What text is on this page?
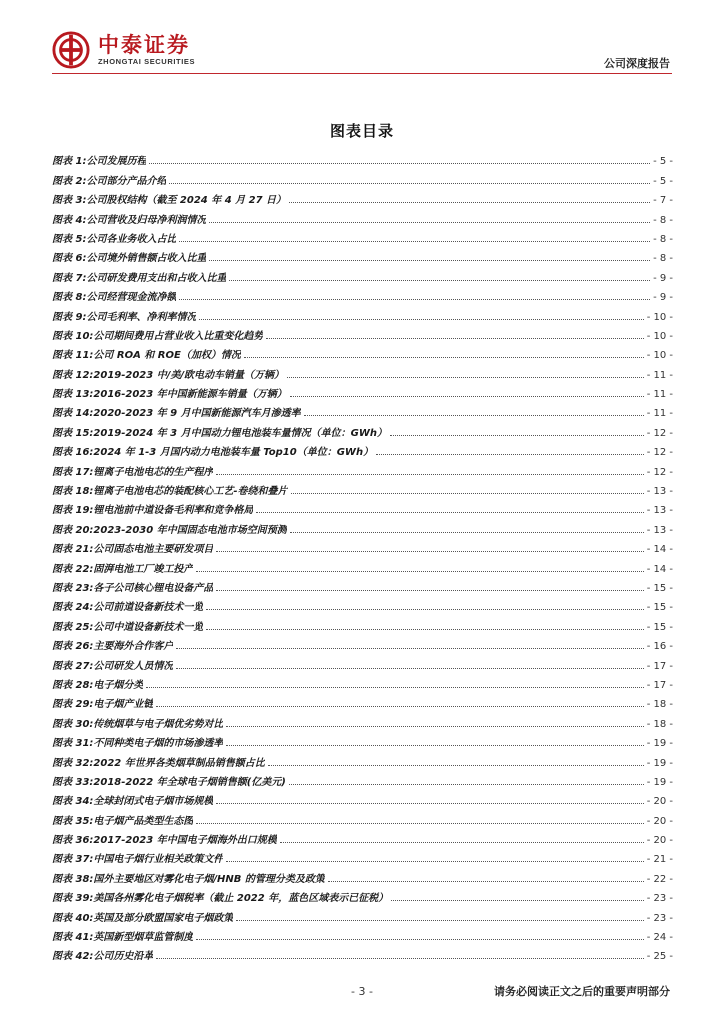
中泰证券
ZHONGTAI SECURITIES	公司深度报告
图表目录
图表 1: 公司发展历程	- 5 -
图表 2: 公司部分产品介绍	- 5 -
图表 3: 公司股权结构（截至 2024 年 4 月 27 日）	- 7 -
图表 4: 公司营收及归母净利润情况	- 8 -
图表 5: 公司各业务收入占比	- 8 -
图表 6: 公司境外销售额占收入比重	- 8 -
图表 7: 公司研发费用支出和占收入比重	- 9 -
图表 8: 公司经营现金流净额	- 9 -
图表 9: 公司毛利率、净利率情况	- 10 -
图表 10: 公司期间费用占营业收入比重变化趋势	- 10 -
图表 11: 公司 ROA 和 ROE（加权）情况	- 10 -
图表 12: 2019-2023 中/美/欧电动车销量（万辆）	- 11 -
图表 13: 2016-2023 年中国新能源车销量（万辆）	- 11 -
图表 14: 2020-2023 年 9 月中国新能源汽车月渗透率	- 11 -
图表 15: 2019-2024 年 3 月中国动力锂电池装车量情况（单位：GWh）	- 12 -
图表 16: 2024 年 1-3 月国内动力电池装车量 Top10（单位：GWh）	- 12 -
图表 17: 锂离子电池电芯的生产程序	- 12 -
图表 18: 锂离子电池电芯的装配核心工艺-卷绕和叠片	- 13 -
图表 19: 锂电池前中道设备毛利率和竞争格局	- 13 -
图表 20: 2023-2030 年中国固态电池市场空间预测	- 13 -
图表 21: 公司固态电池主要研发项目	- 14 -
图表 22: 固湃电池工厂竣工投产	- 14 -
图表 23: 各子公司核心锂电设备产品	- 15 -
图表 24: 公司前道设备新技术一览	- 15 -
图表 25: 公司中道设备新技术一览	- 15 -
图表 26: 主要海外合作客户	- 16 -
图表 27: 公司研发人员情况	- 17 -
图表 28: 电子烟分类	- 17 -
图表 29: 电子烟产业链	- 18 -
图表 30: 传统烟草与电子烟优劣势对比	- 18 -
图表 31: 不同种类电子烟的市场渗透率	- 19 -
图表 32: 2022 年世界各类烟草制品销售额占比	- 19 -
图表 33: 2018-2022 年全球电子烟销售额(亿美元)	- 19 -
图表 34: 全球封闭式电子烟市场规模	- 20 -
图表 35: 电子烟产品类型生态图	- 20 -
图表 36: 2017-2023 年中国电子烟海外出口规模	- 20 -
图表 37: 中国电子烟行业相关政策文件	- 21 -
图表 38: 国外主要地区对雾化电子烟/HNB 的管理分类及政策	- 22 -
图表 39: 美国各州雾化电子烟税率（截止 2022 年，蓝色区域表示已征税）	- 23 -
图表 40: 英国及部分欧盟国家电子烟政策	- 23 -
图表 41: 英国新型烟草监管制度	- 24 -
图表 42: 公司历史沿革	- 25 -
- 3 -	请务必阅读正文之后的重要声明部分
